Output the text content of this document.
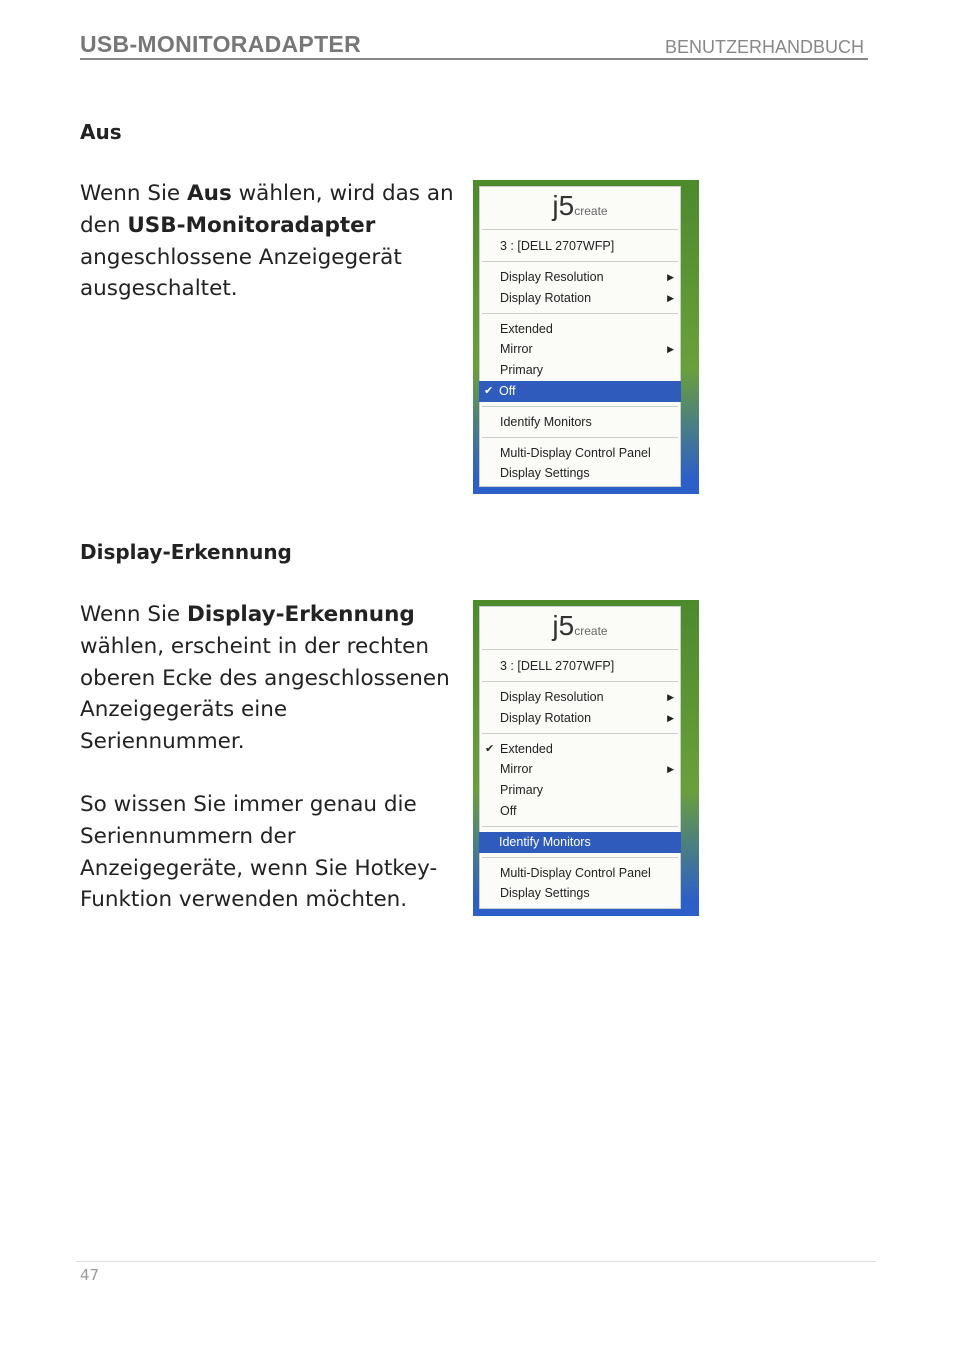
USB-MONITORADAPTER	BENUTZERHANDBUCH
Aus

Wenn Sie Aus wählen, wird das an den USB-Monitoradapter angeschlossene Anzeigegerät ausgeschaltet.

Display-Erkennung

Wenn Sie Display-Erkennung wählen, erscheint in der rechten oberen Ecke des angeschlossenen Anzeigegeräts eine Seriennummer.

So wissen Sie immer genau die Seriennummern der Anzeigegeräte, wenn Sie Hotkey-Funktion verwenden möchten.

j5create
3 : [DELL 2707WFP]
Display Resolution	▶
Display Rotation	▶
Extended
Mirror	▶
Primary
✔ Off
Identify Monitors
Multi-Display Control Panel
Display Settings
j5create
3 : [DELL 2707WFP]
Display Resolution	▶
Display Rotation	▶
✔ Extended
Mirror	▶
Primary
Off
Identify Monitors
Multi-Display Control Panel
Display Settings
47
